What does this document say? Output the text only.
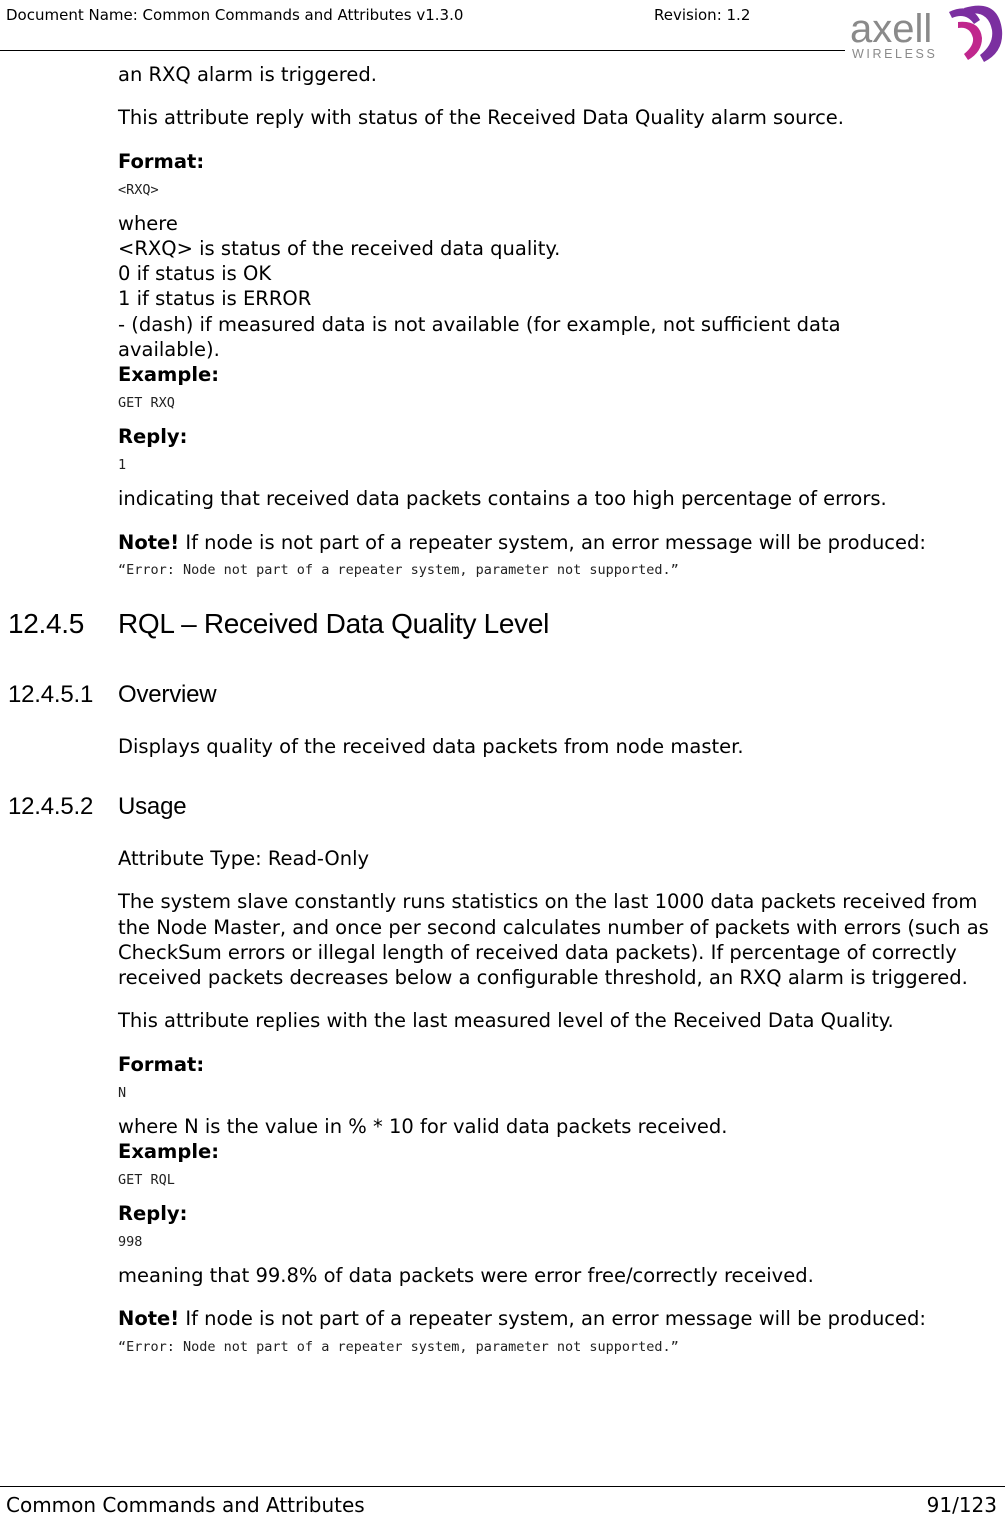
Document Name: Common Commands and Attributes v1.3.0	Revision: 1.2 axell
WIRELESS

an RXQ alarm is triggered.

This attribute reply with status of the Received Data Quality alarm source.

Format:
<RXQ>
where
<RXQ> is status of the received data quality.
0 if status is OK
1 if status is ERROR
- (dash) if measured data is not available (for example, not sufficient data available).
Example:
GET RXQ
Reply:
1

indicating that received data packets contains a too high percentage of errors.

Note! If node is not part of a repeater system, an error message will be produced:

“Error: Node not part of a repeater system, parameter not supported.”
12.4.5 RQL – Received Data Quality Level
12.4.5.1 Overview

Displays quality of the received data packets from node master.

12.4.5.2 Usage

Attribute Type: Read-Only

The system slave constantly runs statistics on the last 1000 data packets received from the Node Master, and once per second calculates number of packets with errors (such as CheckSum errors or illegal length of received data packets). If percentage of correctly received packets decreases below a configurable threshold, an RXQ alarm is triggered.

This attribute replies with the last measured level of the Received Data Quality.

Format:
N
where N is the value in % * 10 for valid data packets received.
Example:
GET RQL
Reply:
998

meaning that 99.8% of data packets were error free/correctly received.

Note! If node is not part of a repeater system, an error message will be produced:

“Error: Node not part of a repeater system, parameter not supported.”
Common Commands and Attributes	91/123
